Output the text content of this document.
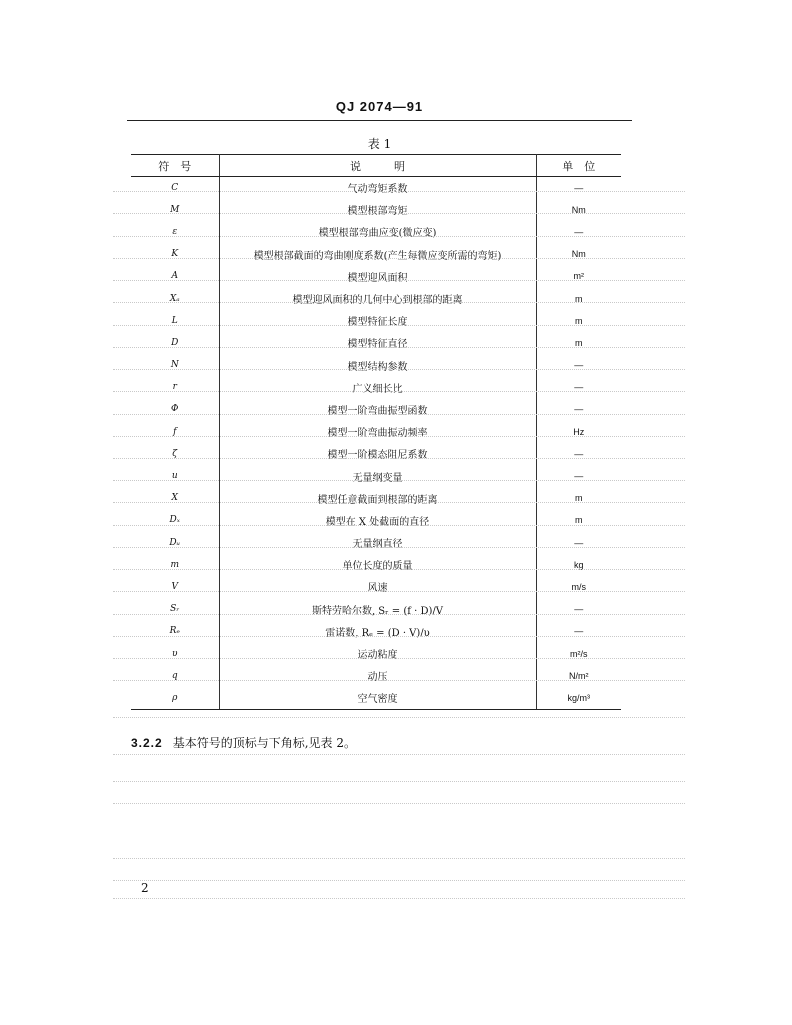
QJ 2074—91
表 1
符　号	说　　　明	单　位
C	气动弯矩系数	—
M	模型根部弯矩	Nm
ε	模型根部弯曲应变(微应变)	—
K	模型根部截面的弯曲刚度系数(产生每微应变所需的弯矩)	Nm
A	模型迎风面积	m²
Xₐ	模型迎风面积的几何中心到根部的距离	m
L	模型特征长度	m
D	模型特征直径	m
N	模型结构参数	—
r	广义细长比	—
Φ	模型一阶弯曲振型函数	—
f	模型一阶弯曲振动频率	Hz
ζ	模型一阶模态阻尼系数	—
u	无量纲变量	—
X	模型任意截面到根部的距离	m
Dₓ	模型在 X 处截面的直径	m
Dᵤ	无量纲直径	—
m	单位长度的质量	kg
V	风速	m/s
Sᵣ	斯特劳哈尔数, Sᵣ = (f · D)/V	—
Rₑ	雷诺数, Rₑ = (D · V)/υ	—
υ	运动粘度	m²/s
q	动压	N/m²
ρ	空气密度	kg/m³
3.2.2 基本符号的顶标与下角标,见表 2。
2
